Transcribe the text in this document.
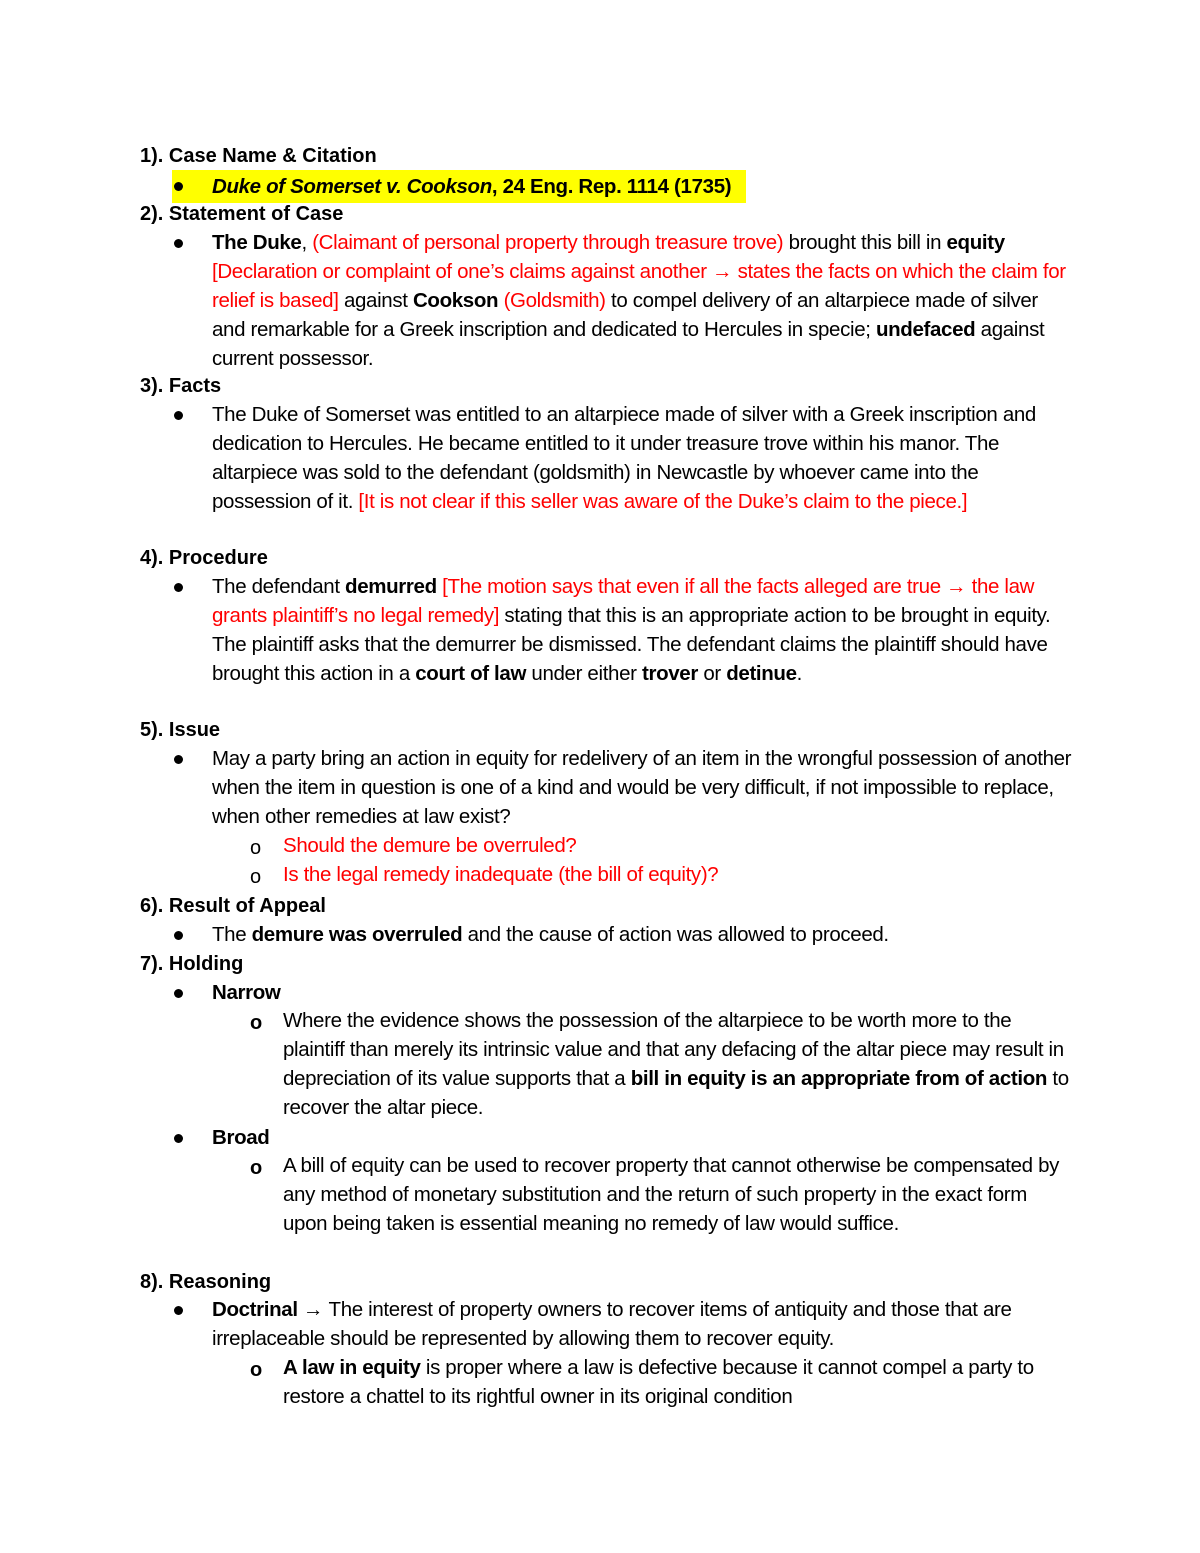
1). Case Name & Citation
Duke of Somerset v. Cookson, 24 Eng. Rep. 1114 (1735)
2). Statement of Case
The Duke, (Claimant of personal property through treasure trove) brought this bill in equity [Declaration or complaint of one’s claims against another → states the facts on which the claim for relief is based] against Cookson (Goldsmith) to compel delivery of an altarpiece made of silver and remarkable for a Greek inscription and dedicated to Hercules in specie; undefaced against current possessor.
3). Facts
The Duke of Somerset was entitled to an altarpiece made of silver with a Greek inscription and dedication to Hercules. He became entitled to it under treasure trove within his manor. The altarpiece was sold to the defendant (goldsmith) in Newcastle by whoever came into the possession of it. [It is not clear if this seller was aware of the Duke’s claim to the piece.]
4). Procedure
The defendant demurred [The motion says that even if all the facts alleged are true → the law grants plaintiff’s no legal remedy] stating that this is an appropriate action to be brought in equity. The plaintiff asks that the demurrer be dismissed. The defendant claims the plaintiff should have brought this action in a court of law under either trover or detinue.
5). Issue
May a party bring an action in equity for redelivery of an item in the wrongful possession of another when the item in question is one of a kind and would be very difficult, if not impossible to replace, when other remedies at law exist?
o Should the demure be overruled?
o Is the legal remedy inadequate (the bill of equity)?
6). Result of Appeal
The demure was overruled and the cause of action was allowed to proceed.
7). Holding
Narrow
o Where the evidence shows the possession of the altarpiece to be worth more to the plaintiff than merely its intrinsic value and that any defacing of the altar piece may result in depreciation of its value supports that a bill in equity is an appropriate from of action to recover the altar piece.
Broad
o A bill of equity can be used to recover property that cannot otherwise be compensated by any method of monetary substitution and the return of such property in the exact form upon being taken is essential meaning no remedy of law would suffice.
8). Reasoning
Doctrinal → The interest of property owners to recover items of antiquity and those that are irreplaceable should be represented by allowing them to recover equity.
o A law in equity is proper where a law is defective because it cannot compel a party to restore a chattel to its rightful owner in its original condition
